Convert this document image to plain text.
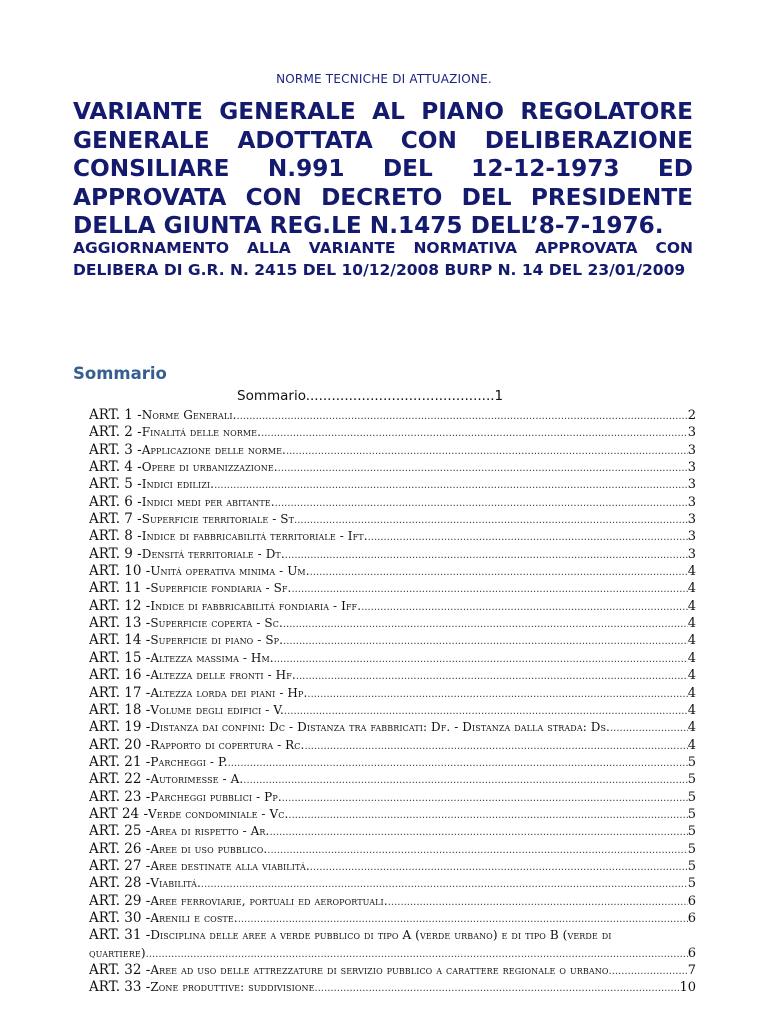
NORME TECNICHE DI ATTUAZIONE.

VARIANTE GENERALE AL PIANO REGOLATORE GENERALE ADOTTATA CON DELIBERAZIONE CONSILIARE N.991 DEL 12-12-1973 ED APPROVATA CON DECRETO DEL PRESIDENTE DELLA GIUNTA REG.LE N.1475 DELL’8-7-1976.

AGGIORNAMENTO ALLA VARIANTE NORMATIVA APPROVATA CON DELIBERA DI G.R. N. 2415 DEL 10/12/2008 BURP N. 14 DEL 23/01/2009

Sommario
Sommario............................................1
ART. 1 - Norme Generali. .....	2
ART. 2 - Finalitá delle norme. .....	3
ART. 3 - Applicazione delle norme. .....	3
ART. 4 - Opere di urbanizzazione. .....	3
ART. 5 - Indici edilizi. .....	3
ART. 6 - Indici medi per abitante. .....	3
ART. 7 - Superficie territoriale - St .....	3
ART. 8 - Indice di fabbricabilitá territoriale - Ift. .....	3
ART. 9 - Densitá territoriale - Dt. .....	3
ART. 10 - Unitá operativa minima - Um. .....	4
ART. 11 - Superficie fondiaria - Sf. .....	4
ART. 12 - Indice di fabbricabilitá fondiaria - Iff. .....	4
ART. 13 - Superficie coperta - Sc. .....	4
ART. 14 - Superficie di piano - Sp. .....	4
ART. 15 - Altezza massima - Hm. .....	4
ART. 16 - Altezza delle fronti - Hf. .....	4
ART. 17 - Altezza lorda dei piani - Hp. .....	4
ART. 18 - Volume degli edifici - V. .....	4
ART. 19 - Distanza dai confini: Dc - Distanza tra fabbricati: Df. - Distanza dalla strada: Ds. .....	4
ART. 20 - Rapporto di copertura - Rc. .....	4
ART. 21 - Parcheggi - P. .....	5
ART. 22 - Autorimesse - A. .....	5
ART. 23 - Parcheggi pubblici - Pp. .....	5
ART 24 - Verde condominiale - Vc. .....	5
ART. 25 - Area di rispetto - Ar. .....	5
ART. 26 - Aree di uso pubblico. .....	5
ART. 27 - Aree destinate alla viabilitá. .....	5
ART. 28 - Viabilitá. .....	5
ART. 29 - Aree ferroviarie, portuali ed aeroportuali. .....	6
ART. 30 - Arenili e coste. .....	6
ART. 31 - Disciplina delle aree a verde pubblico di tipo A (verde urbano) e di tipo B (verde di
quartiere) .....	6
ART. 32 - Aree ad uso delle attrezzature di servizio pubblico a carattere regionale o urbano .....	7
ART. 33 - Zone produttive: suddivisione .....	10
